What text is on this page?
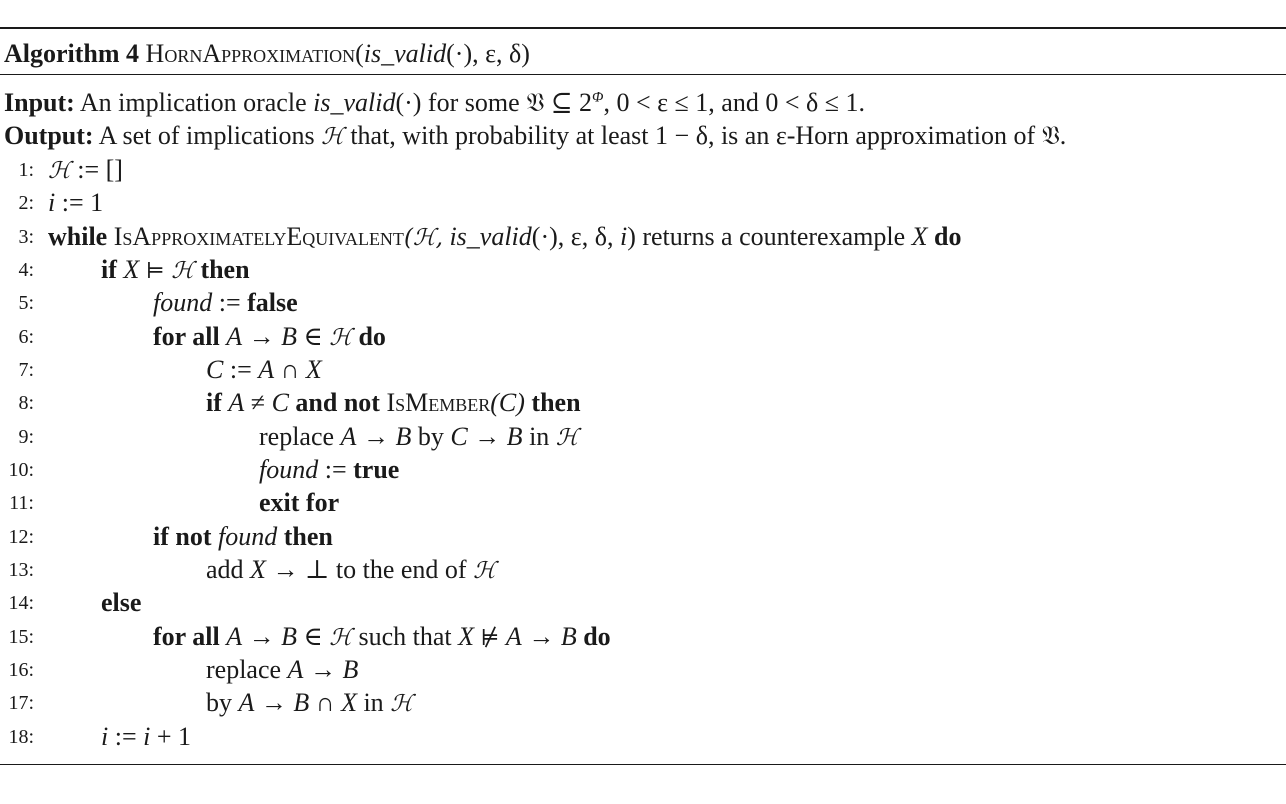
Algorithm 4 HornApproximation(is_valid(·), ε, δ)
Input: An implication oracle is_valid(·) for some 𝔙 ⊆ $2^\Phi$, 0 < ε ≤ 1, and 0 < δ ≤ 1.
Output: A set of implications ℋ that, with probability at least 1 − δ, is an ε-Horn approximation of 𝔙.
1: ℋ := []
2: i := 1
3: while IsApproximatelyEquivalent(ℋ, is_valid(·), ε, δ, i) returns a counterexample X do
4:	if X ⊨ ℋ then
5:	found := false
6:	for all A → B ∈ ℋ do
7:	C := A ∩ X
8:	if A ≠ C and not IsMember(C) then
9:	replace A → B by C → B in ℋ
10:	found := true
11:	exit for
12:	if not found then
13:	add X → ⊥ to the end of ℋ
14:	else
15:	for all A → B ∈ ℋ such that X ⊭ A → B do
16:	replace A → B
17:	by A → B ∩ X in ℋ
18:	i := i + 1
